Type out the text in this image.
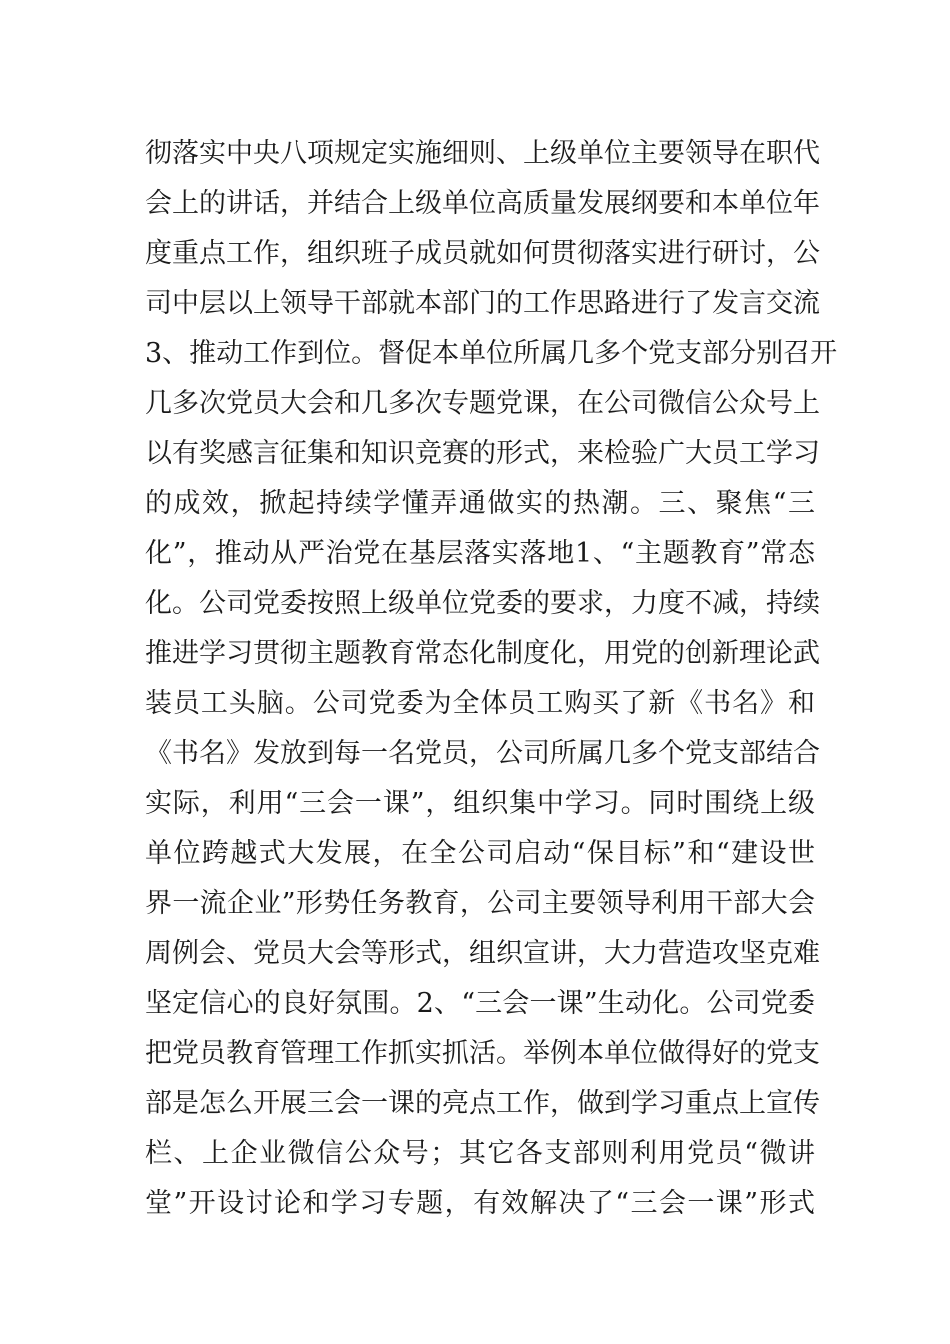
彻落实中央八项规定实施细则、上级单位主要领导在职代
会上的讲话，并结合上级单位高质量发展纲要和本单位年
度重点工作，组织班子成员就如何贯彻落实进行研讨，公
司中层以上领导干部就本部门的工作思路进行了发言交流
3、推动工作到位。督促本单位所属几多个党支部分别召开
几多次党员大会和几多次专题党课，在公司微信公众号上
以有奖感言征集和知识竞赛的形式，来检验广大员工学习
的成效，掀起持续学懂弄通做实的热潮。三、聚焦“三
化”，推动从严治党在基层落实落地1、“主题教育”常态
化。公司党委按照上级单位党委的要求，力度不减，持续
推进学习贯彻主题教育常态化制度化，用党的创新理论武
装员工头脑。公司党委为全体员工购买了新《书名》和
《书名》发放到每一名党员，公司所属几多个党支部结合
实际，利用“三会一课”，组织集中学习。同时围绕上级
单位跨越式大发展，在全公司启动“保目标”和“建设世
界一流企业”形势任务教育，公司主要领导利用干部大会
周例会、党员大会等形式，组织宣讲，大力营造攻坚克难
坚定信心的良好氛围。2、“三会一课”生动化。公司党委
把党员教育管理工作抓实抓活。举例本单位做得好的党支
部是怎么开展三会一课的亮点工作，做到学习重点上宣传
栏、上企业微信公众号；其它各支部则利用党员“微讲
堂”开设讨论和学习专题，有效解决了“三会一课”形式
